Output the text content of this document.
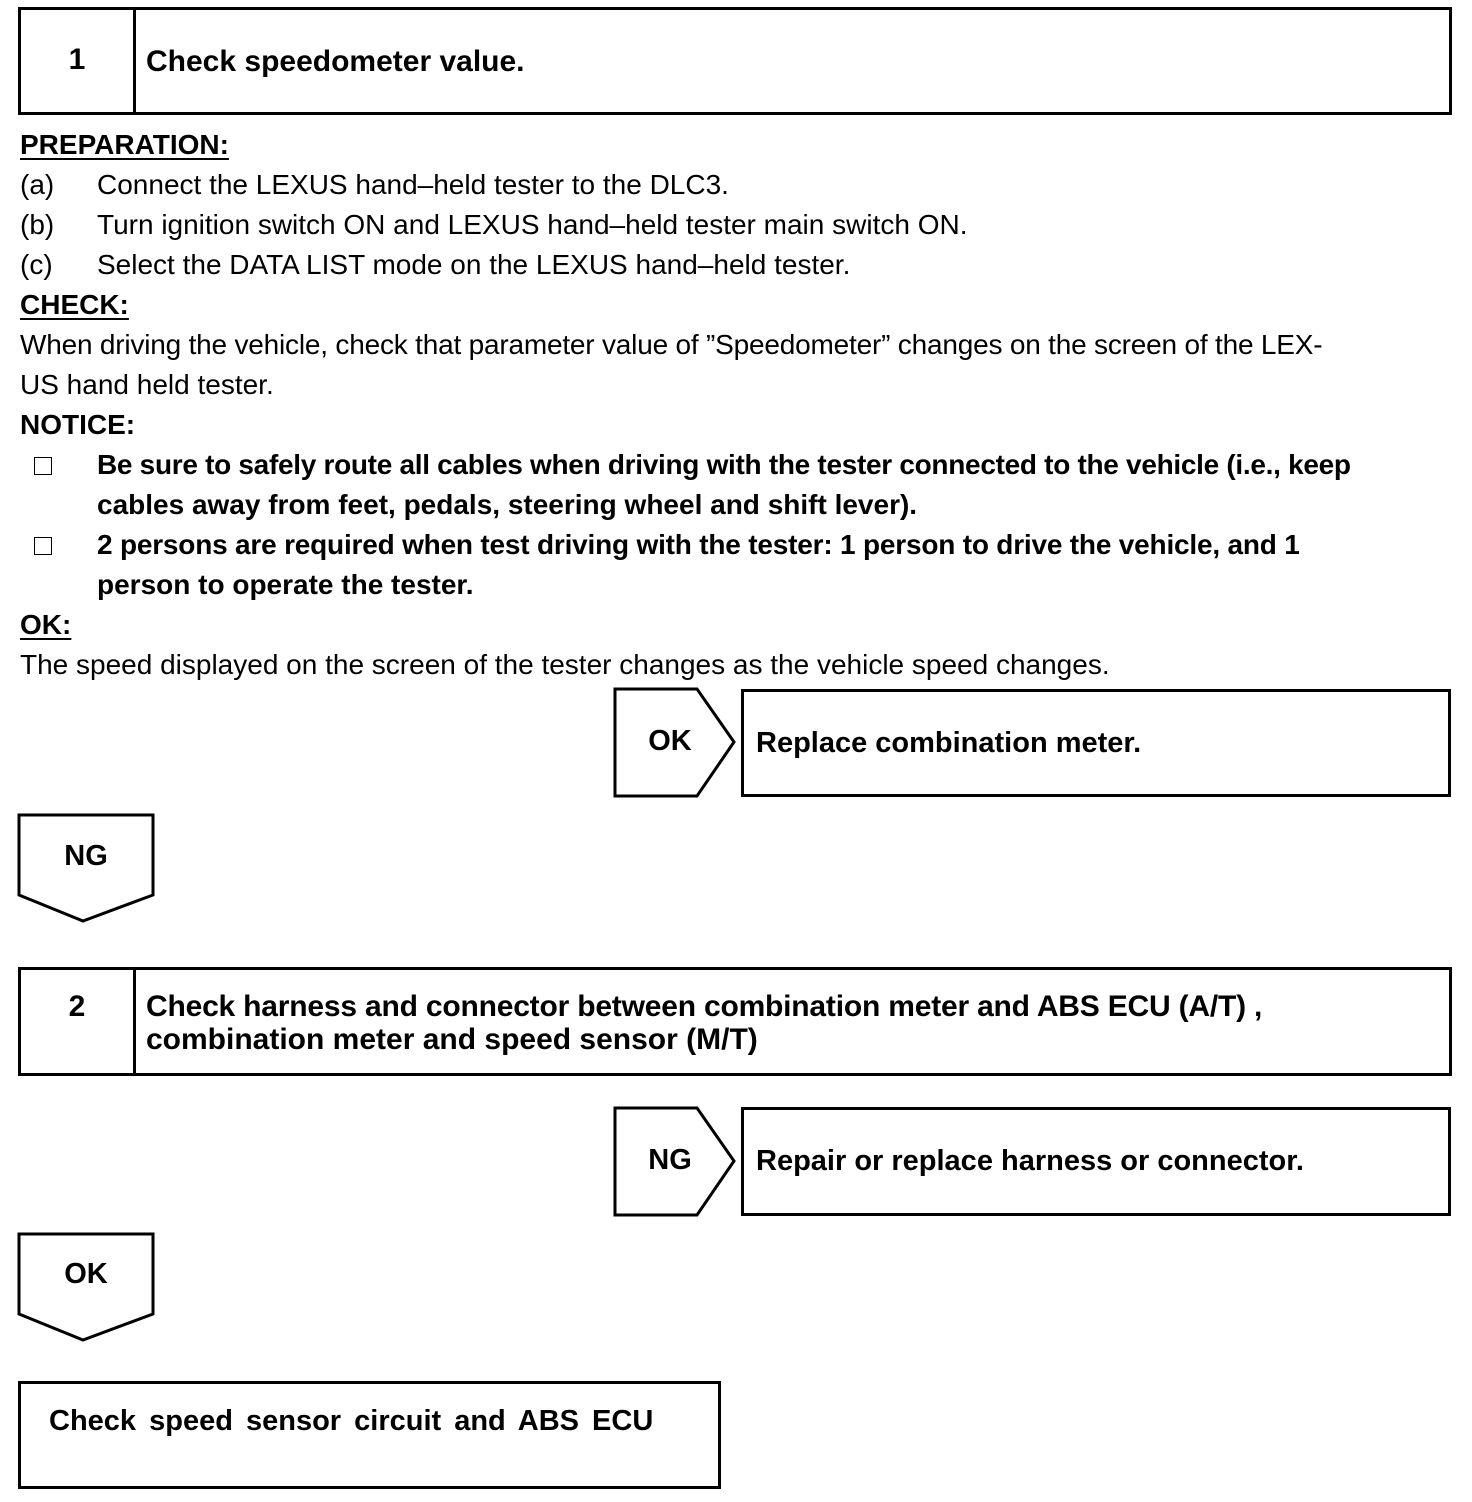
1 Check speedometer value.
PREPARATION:
(a) Connect the LEXUS hand–held tester to the DLC3.
(b) Turn ignition switch ON and LEXUS hand–held tester main switch ON.
(c) Select the DATA LIST mode on the LEXUS hand–held tester.
CHECK:
When driving the vehicle, check that parameter value of ”Speedometer” changes on the screen of the LEX-
US hand held tester.
NOTICE:
Be sure to safely route all cables when driving with the tester connected to the vehicle (i.e., keep
cables away from feet, pedals, steering wheel and shift lever).
2 persons are required when test driving with the tester: 1 person to drive the vehicle, and 1
person to operate the tester.
OK:
The speed displayed on the screen of the tester changes as the vehicle speed changes.
OK	Replace combination meter.
NG
2 Check harness and connector between combination meter and ABS ECU (A/T) ,
combination meter and speed sensor (M/T)
NG	Repair or replace harness or connector.
OK
Check speed sensor circuit and ABS ECU
